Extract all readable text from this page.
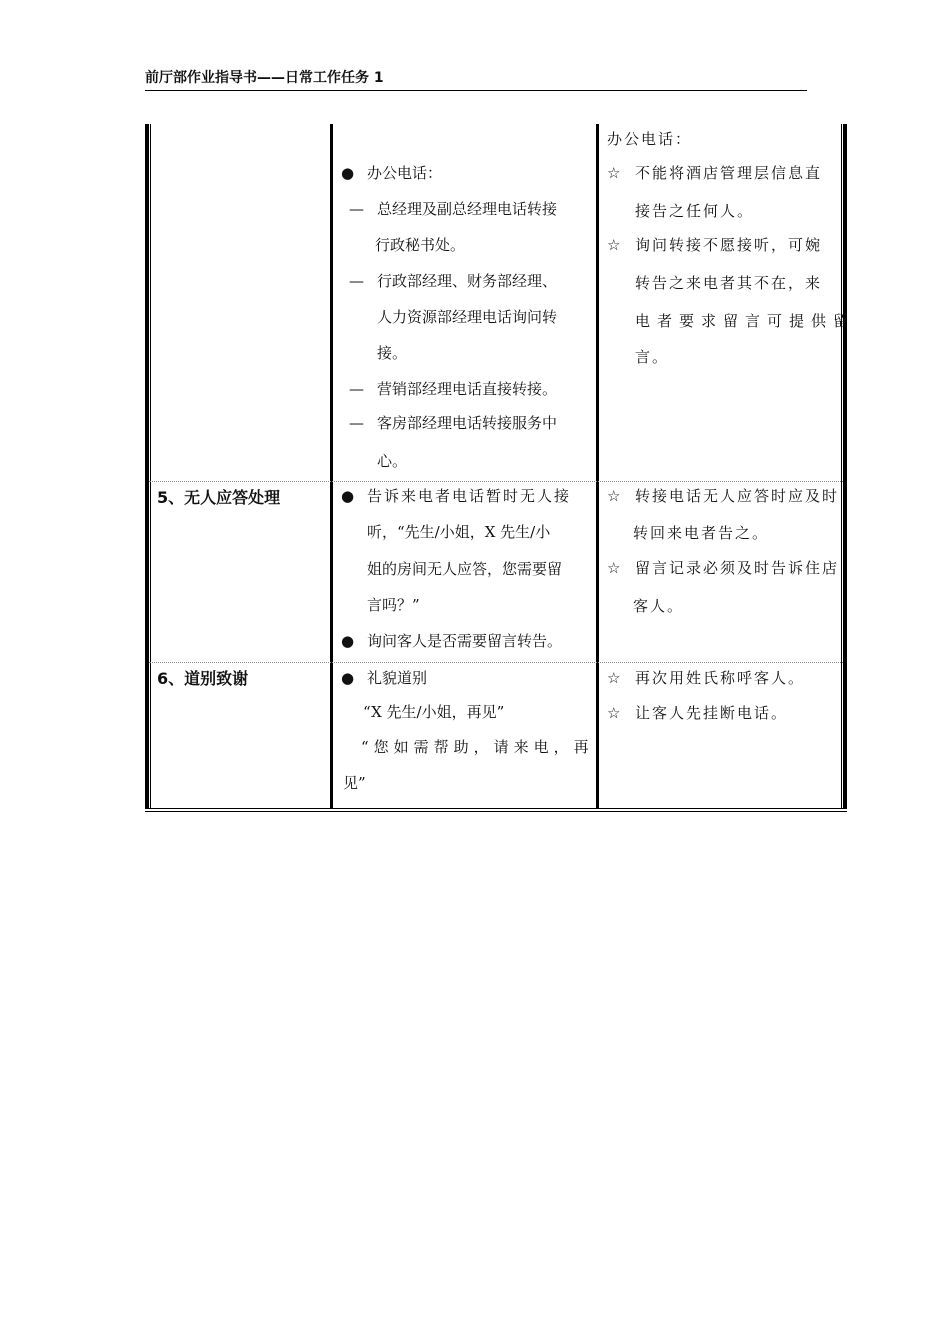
前厅部作业指导书——日常工作任务 1
● 办公电话：
— 总经理及副总经理电话转接
行政秘书处。
— 行政部经理、财务部经理、
人力资源部经理电话询问转
接。
— 营销部经理电话直接转接。
— 客房部经理电话转接服务中
心。
办公电话：
☆ 不能将酒店管理层信息直
接告之任何人。
☆ 询问转接不愿接听，可婉
转告之来电者其不在，来
电者要求留言可提供留
言。
5、无人应答处理	● 告诉来电者电话暂时无人接
听，“先生/小姐，X 先生/小
姐的房间无人应答，您需要留
言吗？”
● 询问客人是否需要留言转告。
☆ 转接电话无人应答时应及时
转回来电者告之。
☆ 留言记录必须及时告诉住店
客人。
6、道别致谢	● 礼貌道别
“X 先生/小姐，再见”
“您如需帮助，请来电，再
见”
☆ 再次用姓氏称呼客人。
☆ 让客人先挂断电话。
